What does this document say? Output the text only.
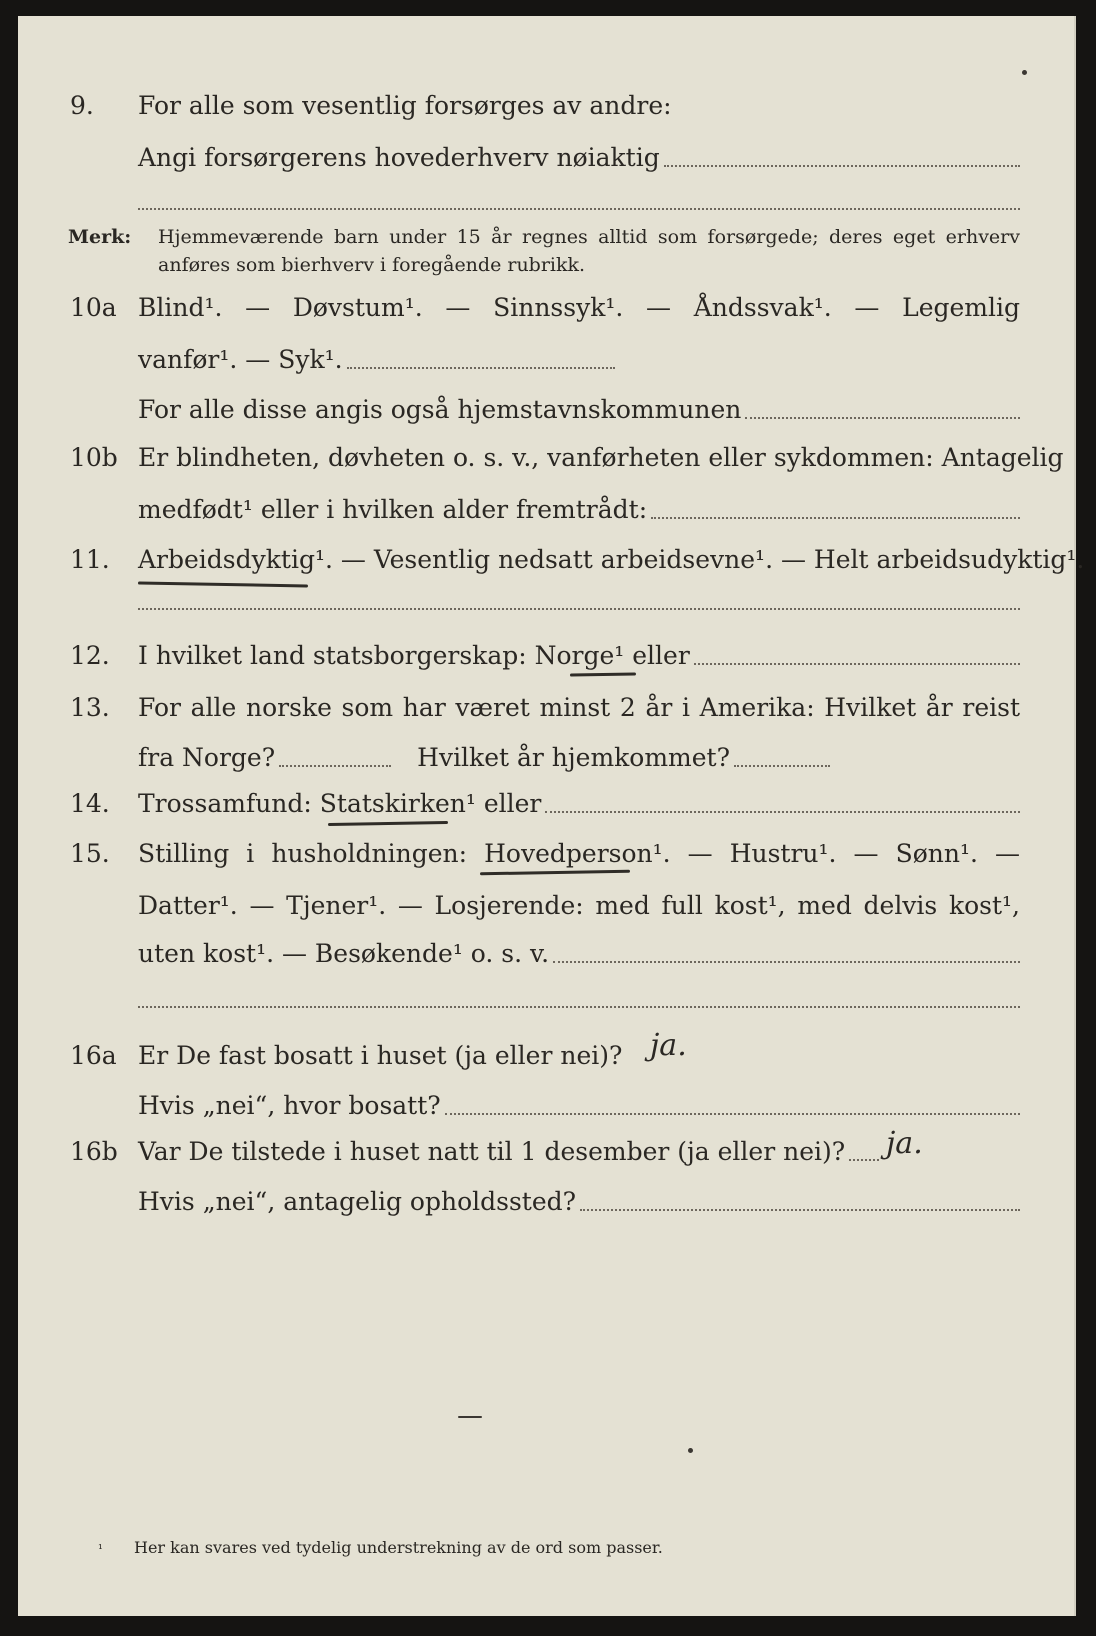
9. For alle som vesentlig forsørges av andre:
Angi forsørgerens hovederhverv nøiaktig
Merk: Hjemmeværende barn under 15 år regnes alltid som forsørgede; deres eget erhverv
anføres som bierhverv i foregående rubrikk.
10a Blind¹. — Døvstum¹. — Sinnssyk¹. — Åndssvak¹. — Legemlig
vanfør¹. — Syk¹.
For alle disse angis også hjemstavnskommunen
10b Er blindheten, døvheten o. s. v., vanførheten eller sykdommen: Antagelig
medfødt¹ eller i hvilken alder fremtrådt:
11. Arbeidsdyktig¹. — Vesentlig nedsatt arbeidsevne¹. — Helt arbeidsudyktig¹.
12. I hvilket land statsborgerskap: Norge¹ eller
13. For alle norske som har været minst 2 år i Amerika: Hvilket år reist
fra Norge?	Hvilket år hjemkommet?
14. Trossamfund: Statskirken¹ eller
15. Stilling i husholdningen: Hovedperson¹. — Hustru¹. — Sønn¹. —
Datter¹. — Tjener¹. — Losjerende: med full kost¹, med delvis kost¹,
uten kost¹. — Besøkende¹ o. s. v.
16a Er De fast bosatt i huset (ja eller nei)? ja.
Hvis „nei“, hvor bosatt?
16b Var De tilstede i huset natt til 1 desember (ja eller nei)? ja.
Hvis „nei“, antagelig opholdssted?
¹ Her kan svares ved tydelig understrekning av de ord som passer.
